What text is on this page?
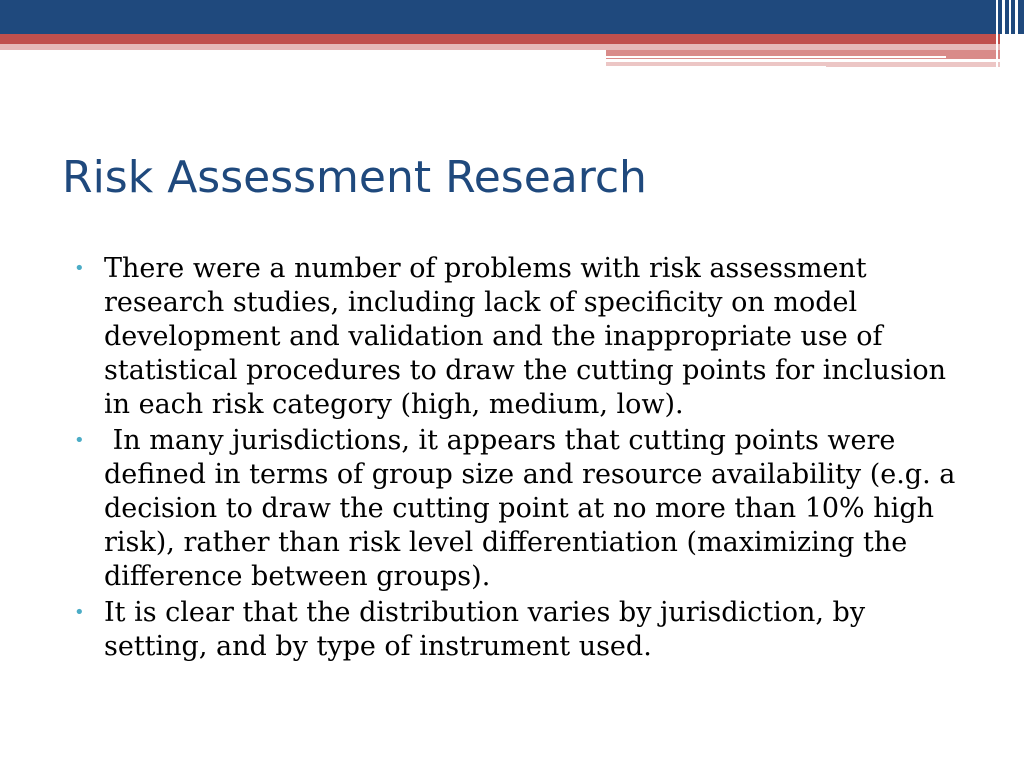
Risk Assessment Research
• There were a number of problems with risk assessment research studies, including lack of specificity on model development and validation and the inappropriate use of statistical procedures to draw the cutting points for inclusion in each risk category (high, medium, low).
• In many jurisdictions, it appears that cutting points were defined in terms of group size and resource availability (e.g. a decision to draw the cutting point at no more than 10% high risk), rather than risk level differentiation (maximizing the difference between groups).
• It is clear that the distribution varies by jurisdiction, by setting, and by type of instrument used.
